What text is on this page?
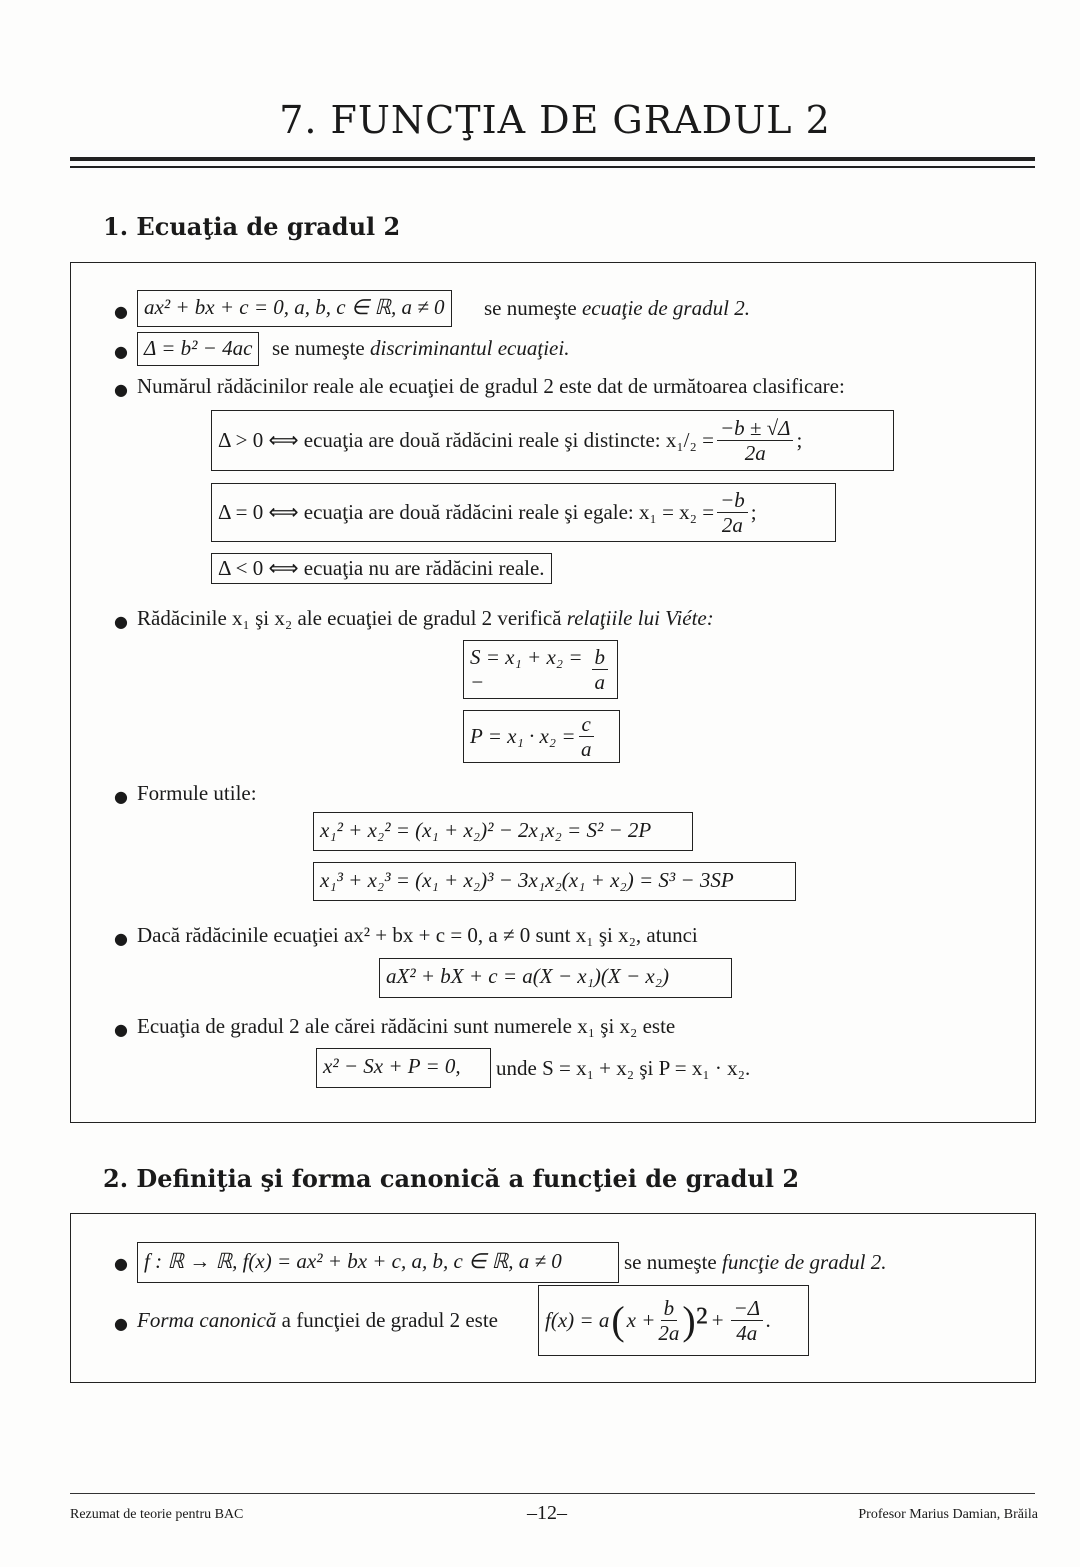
7. FUNCŢIA DE GRADUL 2
1. Ecuaţia de gradul 2
● ax² + bx + c = 0, a, b, c ∈ ℝ, a ≠ 0	se numeşte ecuaţie de gradul 2.
● Δ = b² − 4ac se numeşte discriminantul ecuaţiei.
● Numărul rădăcinilor reale ale ecuaţiei de gradul 2 este dat de următoarea clasificare:
Δ > 0 ⟺ ecuaţia are două rădăcini reale şi distincte: $x_1/_2 = \frac{-b \pm √\Delta}{2a}$ ;
Δ = 0 ⟺ ecuaţia are două rădăcini reale şi egale: $x_1 = x_2 = \frac{-b}{2a}$ ;
Δ < 0 ⟺ ecuaţia nu are rădăcini reale.
● Rădăcinile x₁ şi x₂ ale ecuaţiei de gradul 2 verifică relaţiile lui Viéte:
S = x₁ + x₂ = −	$\frac{b}{a}$
$P = x_1 \cdot x_2 = \frac{c}{a}$
● Formule utile:
x₁² + x₂² = (x₁ + x₂)² − 2x₁x₂ = S² − 2P
x₁³ + x₂³ = (x₁ + x₂)³ − 3x₁x₂(x₁ + x₂) = S³ − 3SP
● Dacă rădăcinile ecuaţiei ax² + bx + c = 0, a ≠ 0 sunt x₁ şi x₂, atunci
aX² + bX + c = a(X − x₁)(X − x₂)
● Ecuaţia de gradul 2 ale cărei rădăcini sunt numerele x₁ şi x₂ este
x² − Sx + P = 0,	unde S = x₁ + x₂ şi P = x₁ · x₂.
2. Definiţia şi forma canonică a funcţiei de gradul 2
● f : ℝ → ℝ, f(x) = ax² + bx + c, a, b, c ∈ ℝ, a ≠ 0	se numeşte funcţie de gradul 2.
● Forma canonică a funcţiei de gradul 2 este f(x) = a ( $x + \frac{b}{2a} )^2 + \frac{-\Delta}{4a}$ .
Rezumat de teorie pentru BAC	–12–	Profesor Marius Damian, Brăila
